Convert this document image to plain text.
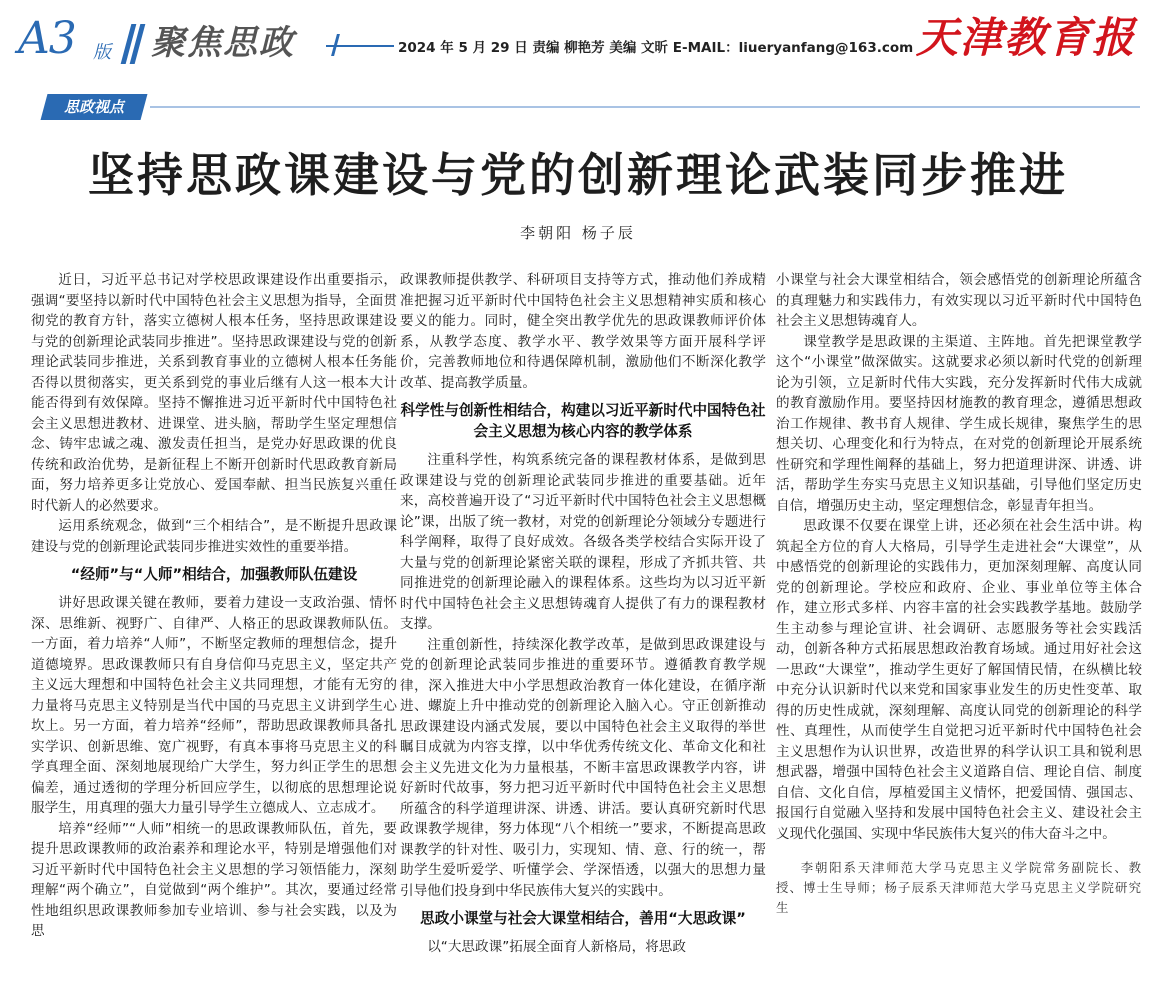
A3 版 聚焦思政	2024 年 5 月 29 日 责编 柳艳芳 美编 文昕 E-MAIL：liueryanfang@163.com 天津教育报
思政视点
坚持思政课建设与党的创新理论武装同步推进
李朝阳 杨子辰

近日，习近平总书记对学校思政课建设作出重要指示，强调“要坚持以新时代中国特色社会主义思想为指导，全面贯彻党的教育方针，落实立德树人根本任务，坚持思政课建设与党的创新理论武装同步推进”。坚持思政课建设与党的创新理论武装同步推进，关系到教育事业的立德树人根本任务能否得以贯彻落实，更关系到党的事业后继有人这一根本大计能否得到有效保障。坚持不懈推进习近平新时代中国特色社会主义思想进教材、进课堂、进头脑，帮助学生坚定理想信念、铸牢忠诚之魂、激发责任担当，是党办好思政课的优良传统和政治优势，是新征程上不断开创新时代思政教育新局面，努力培养更多让党放心、爱国奉献、担当民族复兴重任时代新人的必然要求。

运用系统观念，做到“三个相结合”，是不断提升思政课建设与党的创新理论武装同步推进实效性的重要举措。

“经师”与“人师”相结合，加强教师队伍建设

讲好思政课关键在教师，要着力建设一支政治强、情怀深、思维新、视野广、自律严、人格正的思政课教师队伍。一方面，着力培养“人师”，不断坚定教师的理想信念，提升道德境界。思政课教师只有自身信仰马克思主义，坚定共产主义远大理想和中国特色社会主义共同理想，才能有无穷的力量将马克思主义特别是当代中国的马克思主义讲到学生心坎上。另一方面，着力培养“经师”，帮助思政课教师具备扎实学识、创新思维、宽广视野，有真本事将马克思主义的科学真理全面、深刻地展现给广大学生，努力纠正学生的思想偏差，通过透彻的学理分析回应学生，以彻底的思想理论说服学生，用真理的强大力量引导学生立德成人、立志成才。

培养“经师”“人师”相统一的思政课教师队伍，首先，要提升思政课教师的政治素养和理论水平，特别是增强他们对习近平新时代中国特色社会主义思想的学习领悟能力，深刻理解“两个确立”，自觉做到“两个维护”。其次，要通过经常性地组织思政课教师参加专业培训、参与社会实践，以及为思

政课教师提供教学、科研项目支持等方式，推动他们养成精准把握习近平新时代中国特色社会主义思想精神实质和核心要义的能力。同时，健全突出教学优先的思政课教师评价体系，从教学态度、教学水平、教学效果等方面开展科学评价，完善教师地位和待遇保障机制，激励他们不断深化教学改革、提高教学质量。

科学性与创新性相结合，构建以习近平新时代中国特色社会主义思想为核心内容的教学体系

注重科学性，构筑系统完备的课程教材体系，是做到思政课建设与党的创新理论武装同步推进的重要基础。近年来，高校普遍开设了“习近平新时代中国特色社会主义思想概论”课，出版了统一教材，对党的创新理论分领域分专题进行科学阐释，取得了良好成效。各级各类学校结合实际开设了大量与党的创新理论紧密关联的课程，形成了齐抓共管、共同推进党的创新理论融入的课程体系。这些均为以习近平新时代中国特色社会主义思想铸魂育人提供了有力的课程教材支撑。

注重创新性，持续深化教学改革，是做到思政课建设与党的创新理论武装同步推进的重要环节。遵循教育教学规律，深入推进大中小学思想政治教育一体化建设，在循序渐进、螺旋上升中推动党的创新理论入脑入心。守正创新推动思政课建设内涵式发展，要以中国特色社会主义取得的举世瞩目成就为内容支撑，以中华优秀传统文化、革命文化和社会主义先进文化为力量根基，不断丰富思政课教学内容，讲好新时代故事，努力把习近平新时代中国特色社会主义思想所蕴含的科学道理讲深、讲透、讲活。要认真研究新时代思政课教学规律，努力体现“八个相统一”要求，不断提高思政课教学的针对性、吸引力，实现知、情、意、行的统一，帮助学生爱听爱学、听懂学会、学深悟透，以强大的思想力量引导他们投身到中华民族伟大复兴的实践中。

思政小课堂与社会大课堂相结合，善用“大思政课”

以“大思政课”拓展全面育人新格局，将思政

小课堂与社会大课堂相结合，领会感悟党的创新理论所蕴含的真理魅力和实践伟力，有效实现以习近平新时代中国特色社会主义思想铸魂育人。

课堂教学是思政课的主渠道、主阵地。首先把课堂教学这个“小课堂”做深做实。这就要求必须以新时代党的创新理论为引领，立足新时代伟大实践，充分发挥新时代伟大成就的教育激励作用。要坚持因材施教的教育理念，遵循思想政治工作规律、教书育人规律、学生成长规律，聚焦学生的思想关切、心理变化和行为特点，在对党的创新理论开展系统性研究和学理性阐释的基础上，努力把道理讲深、讲透、讲活，帮助学生夯实马克思主义知识基础，引导他们坚定历史自信，增强历史主动，坚定理想信念，彰显青年担当。

思政课不仅要在课堂上讲，还必须在社会生活中讲。构筑起全方位的育人大格局，引导学生走进社会“大课堂”，从中感悟党的创新理论的实践伟力，更加深刻理解、高度认同党的创新理论。学校应和政府、企业、事业单位等主体合作，建立形式多样、内容丰富的社会实践教学基地。鼓励学生主动参与理论宣讲、社会调研、志愿服务等社会实践活动，创新各种方式拓展思想政治教育场域。通过用好社会这一思政“大课堂”，推动学生更好了解国情民情，在纵横比较中充分认识新时代以来党和国家事业发生的历史性变革、取得的历史性成就，深刻理解、高度认同党的创新理论的科学性、真理性，从而使学生自觉把习近平新时代中国特色社会主义思想作为认识世界，改造世界的科学认识工具和锐利思想武器，增强中国特色社会主义道路自信、理论自信、制度自信、文化自信，厚植爱国主义情怀，把爱国情、强国志、报国行自觉融入坚持和发展中国特色社会主义、建设社会主义现代化强国、实现中华民族伟大复兴的伟大奋斗之中。

李朝阳系天津师范大学马克思主义学院常务副院长、教授、博士生导师；杨子辰系天津师范大学马克思主义学院研究生
